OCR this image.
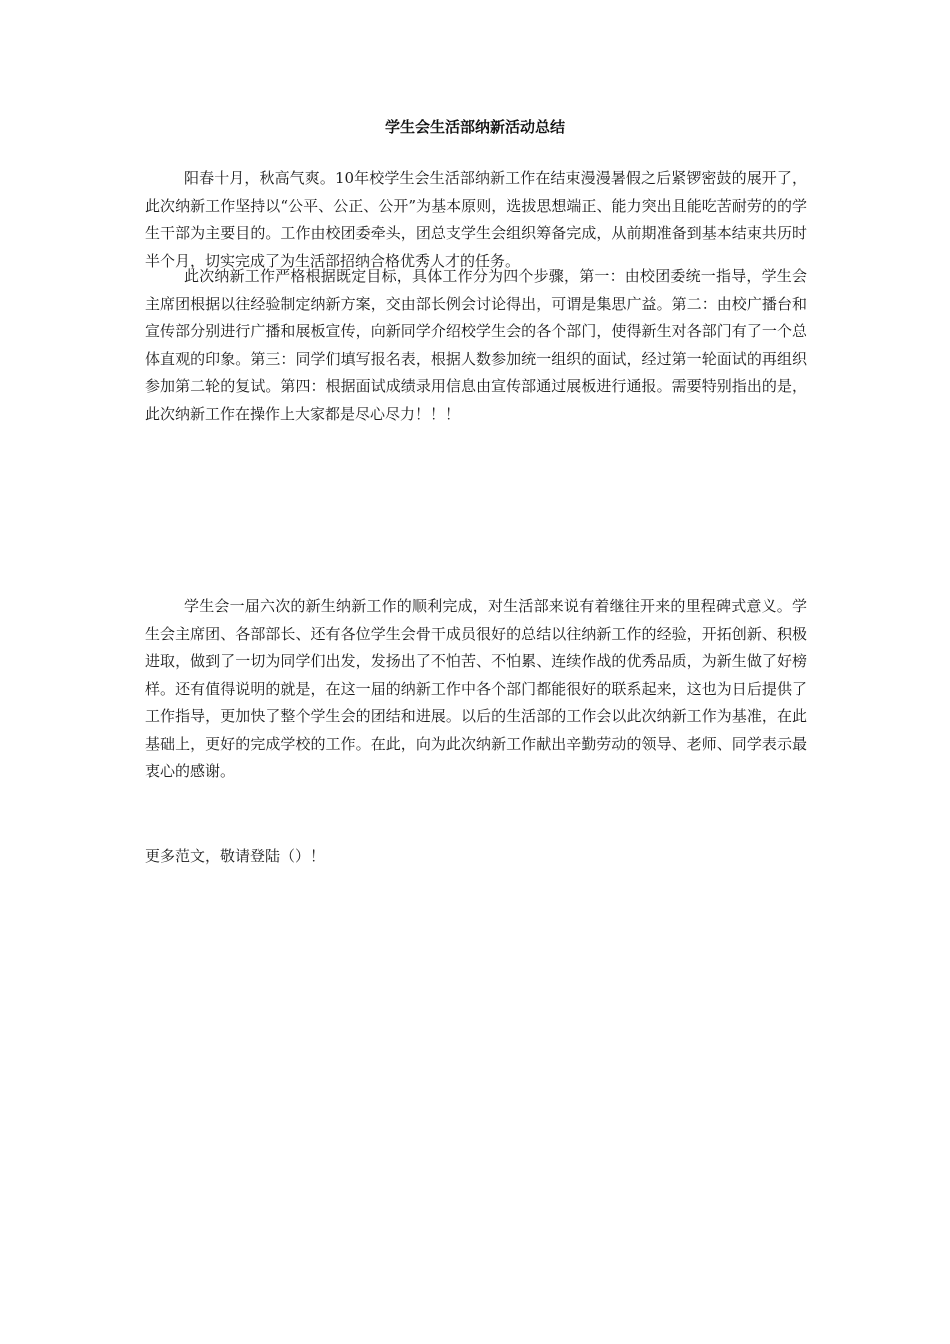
学生会生活部纳新活动总结

阳春十月，秋高气爽。10年校学生会生活部纳新工作在结束漫漫暑假之后紧锣密鼓的展开了，此次纳新工作坚持以“公平、公正、公开”为基本原则，选拔思想端正、能力突出且能吃苦耐劳的的学生干部为主要目的。工作由校团委牵头，团总支学生会组织筹备完成，从前期准备到基本结束共历时半个月，切实完成了为生活部招纳合格优秀人才的任务。

此次纳新工作严格根据既定目标，具体工作分为四个步骤，第一：由校团委统一指导，学生会主席团根据以往经验制定纳新方案，交由部长例会讨论得出，可谓是集思广益。第二：由校广播台和宣传部分别进行广播和展板宣传，向新同学介绍校学生会的各个部门，使得新生对各部门有了一个总体直观的印象。第三：同学们填写报名表，根据人数参加统一组织的面试，经过第一轮面试的再组织参加第二轮的复试。第四：根据面试成绩录用信息由宣传部通过展板进行通报。需要特别指出的是，此次纳新工作在操作上大家都是尽心尽力！！！

学生会一届六次的新生纳新工作的顺利完成，对生活部来说有着继往开来的里程碑式意义。学生会主席团、各部部长、还有各位学生会骨干成员很好的总结以往纳新工作的经验，开拓创新、积极进取，做到了一切为同学们出发，发扬出了不怕苦、不怕累、连续作战的优秀品质，为新生做了好榜样。还有值得说明的就是，在这一届的纳新工作中各个部门都能很好的联系起来，这也为日后提供了工作指导，更加快了整个学生会的团结和进展。以后的生活部的工作会以此次纳新工作为基准，在此基础上，更好的完成学校的工作。在此，向为此次纳新工作献出辛勤劳动的领导、老师、同学表示最衷心的感谢。

更多范文，敬请登陆（）！
